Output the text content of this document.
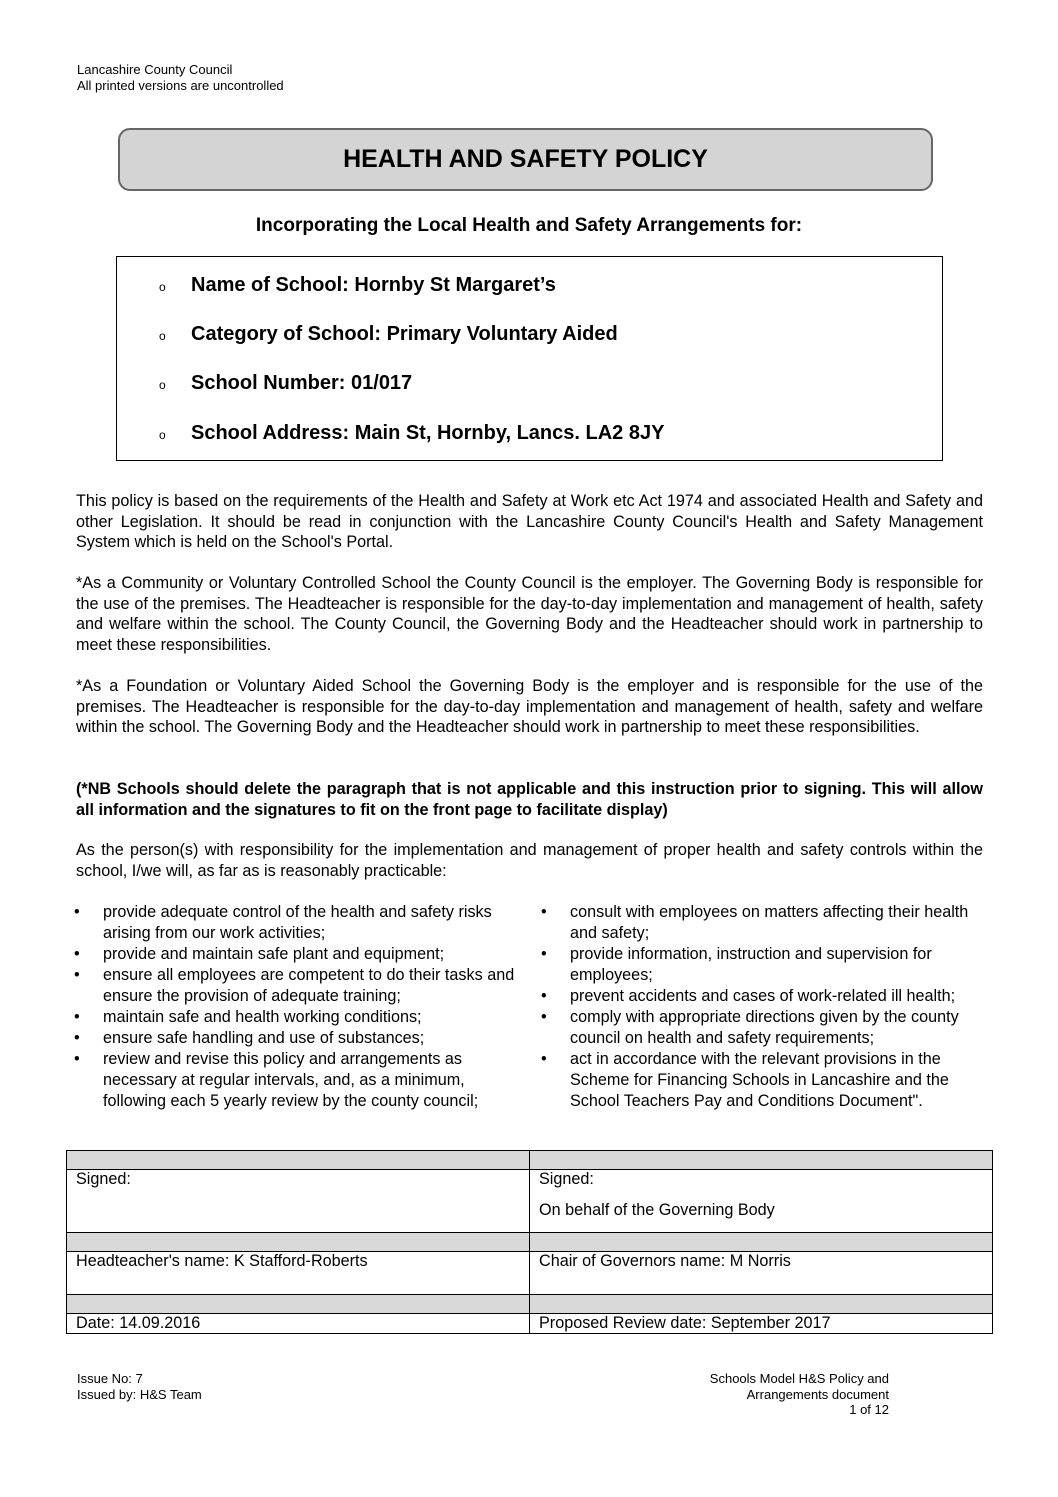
Lancashire County Council
All printed versions are uncontrolled
HEALTH AND SAFETY POLICY
Incorporating the Local Health and Safety Arrangements for:
o	Name of School: Hornby St Margaret’s
o	Category of School: Primary Voluntary Aided
o	School Number: 01/017
o	School Address: Main St, Hornby, Lancs. LA2 8JY
This policy is based on the requirements of the Health and Safety at Work etc Act 1974 and associated Health and Safety and other Legislation. It should be read in conjunction with the Lancashire County Council's Health and Safety Management System which is held on the School's Portal.
*As a Community or Voluntary Controlled School the County Council is the employer. The Governing Body is responsible for the use of the premises. The Headteacher is responsible for the day-to-day implementation and management of health, safety and welfare within the school. The County Council, the Governing Body and the Headteacher should work in partnership to meet these responsibilities.
*As a Foundation or Voluntary Aided School the Governing Body is the employer and is responsible for the use of the premises. The Headteacher is responsible for the day-to-day implementation and management of health, safety and welfare within the school. The Governing Body and the Headteacher should work in partnership to meet these responsibilities.
(*NB Schools should delete the paragraph that is not applicable and this instruction prior to signing. This will allow all information and the signatures to fit on the front page to facilitate display)
As the person(s) with responsibility for the implementation and management of proper health and safety controls within the school, I/we will, as far as is reasonably practicable:
• provide adequate control of the health and safety risks arising from our work activities;
• provide and maintain safe plant and equipment;
• ensure all employees are competent to do their tasks and ensure the provision of adequate training;
• maintain safe and health working conditions;
• ensure safe handling and use of substances;
• review and revise this policy and arrangements as necessary at regular intervals, and, as a minimum, following each 5 yearly review by the county council;
• consult with employees on matters affecting their health and safety;
• provide information, instruction and supervision for employees;
• prevent accidents and cases of work-related ill health;
• comply with appropriate directions given by the county council on health and safety requirements;
• act in accordance with the relevant provisions in the Scheme for Financing Schools in Lancashire and the School Teachers Pay and Conditions Document".

Signed:	Signed:
On behalf of the Governing Body

Headteacher's name: K Stafford-Roberts	Chair of Governors name: M Norris

Date: 14.09.2016	Proposed Review date: September 2017
Issue No: 7
Issued by: H&S Team
Schools Model H&S Policy and
Arrangements document
1 of 12
